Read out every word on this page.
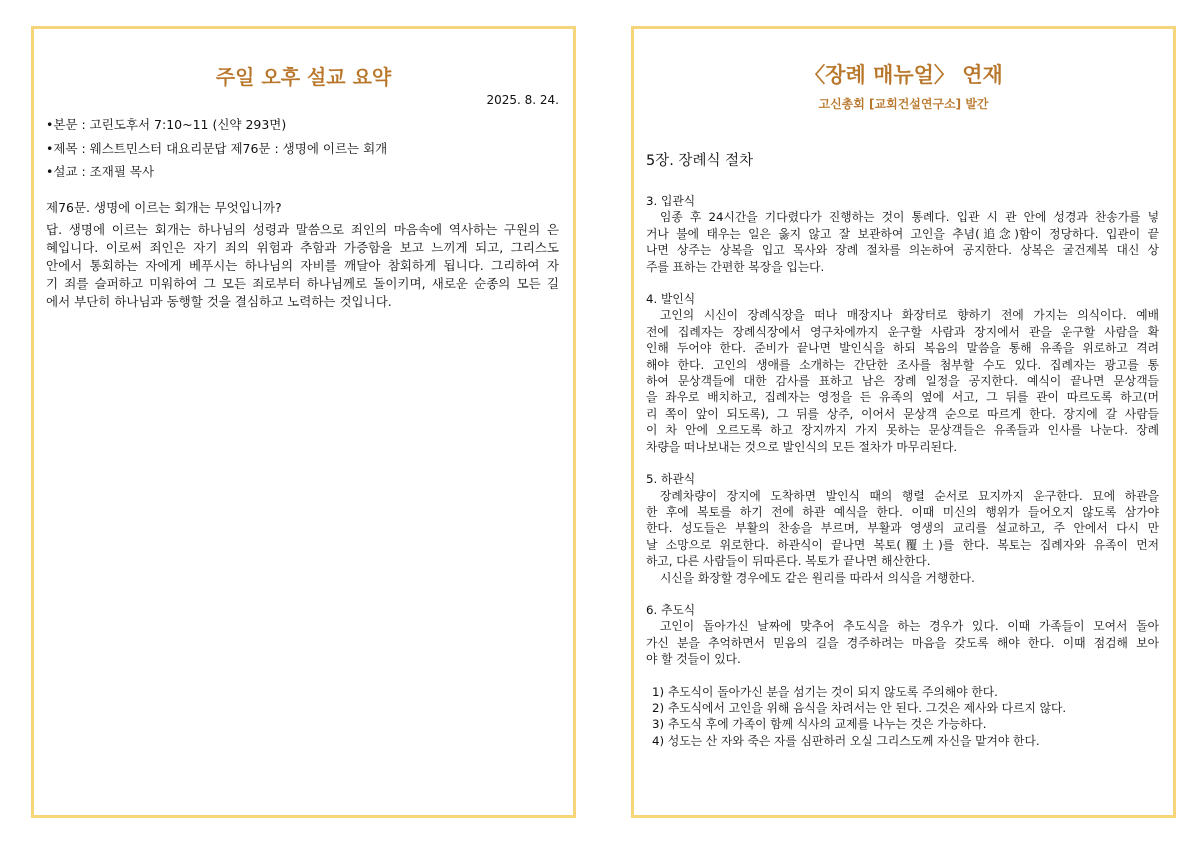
주일 오후 설교 요약
2025. 8. 24.
•본문 : 고린도후서 7:10~11 (신약 293면)
•제목 : 웨스트민스터 대요리문답 제76문 : 생명에 이르는 회개
•설교 : 조재필 목사
제76문. 생명에 이르는 회개는 무엇입니까?
답. 생명에 이르는 회개는 하나님의 성령과 말씀으로 죄인의 마음속에 역사하는 구원의 은
혜입니다. 이로써 죄인은 자기 죄의 위험과 추함과 가증함을 보고 느끼게 되고, 그리스도
안에서 통회하는 자에게 베푸시는 하나님의 자비를 깨달아 참회하게 됩니다. 그리하여 자
기 죄를 슬퍼하고 미워하여 그 모든 죄로부터 하나님께로 돌이키며, 새로운 순종의 모든 길
에서 부단히 하나님과 동행할 것을 결심하고 노력하는 것입니다.
〈장례 매뉴얼〉 연재
고신총회 [교회건설연구소] 발간
5장. 장례식 절차
3. 입관식
임종 후 24시간을 기다렸다가 진행하는 것이 통례다. 입관 시 관 안에 성경과 찬송가를 넣
거나 불에 태우는 일은 옳지 않고 잘 보관하여 고인을 추념(追念)함이 정당하다. 입관이 끝
나면 상주는 상복을 입고 목사와 장례 절차를 의논하여 공지한다. 상복은 굴건제복 대신 상
주를 표하는 간편한 복장을 입는다.
4. 발인식
고인의 시신이 장례식장을 떠나 매장지나 화장터로 향하기 전에 가지는 의식이다. 예배
전에 집례자는 장례식장에서 영구차에까지 운구할 사람과 장지에서 관을 운구할 사람을 확
인해 두어야 한다. 준비가 끝나면 발인식을 하되 복음의 말씀을 통해 유족을 위로하고 격려
해야 한다. 고인의 생애를 소개하는 간단한 조사를 첨부할 수도 있다. 집례자는 광고를 통
하여 문상객들에 대한 감사를 표하고 남은 장례 일정을 공지한다. 예식이 끝나면 문상객들
을 좌우로 배치하고, 집례자는 영정을 든 유족의 옆에 서고, 그 뒤를 관이 따르도록 하고(머
리 쪽이 앞이 되도록), 그 뒤를 상주, 이어서 문상객 순으로 따르게 한다. 장지에 갈 사람들
이 차 안에 오르도록 하고 장지까지 가지 못하는 문상객들은 유족들과 인사를 나눈다. 장례
차량을 떠나보내는 것으로 발인식의 모든 절차가 마무리된다.
5. 하관식
장례차량이 장지에 도착하면 발인식 때의 행렬 순서로 묘지까지 운구한다. 묘에 하관을
한 후에 복토를 하기 전에 하관 예식을 한다. 이때 미신의 행위가 들어오지 않도록 삼가야
한다. 성도들은 부활의 찬송을 부르며, 부활과 영생의 교리를 설교하고, 주 안에서 다시 만
날 소망으로 위로한다. 하관식이 끝나면 복토(覆土)를 한다. 복토는 집례자와 유족이 먼저
하고, 다른 사람들이 뒤따른다. 복토가 끝나면 해산한다.
시신을 화장할 경우에도 같은 원리를 따라서 의식을 거행한다.
6. 추도식
고인이 돌아가신 날짜에 맞추어 추도식을 하는 경우가 있다. 이때 가족들이 모여서 돌아
가신 분을 추억하면서 믿음의 길을 경주하려는 마음을 갖도록 해야 한다. 이때 점검해 보아
야 할 것들이 있다.
1) 추도식이 돌아가신 분을 섬기는 것이 되지 않도록 주의해야 한다.
2) 추도식에서 고인을 위해 음식을 차려서는 안 된다. 그것은 제사와 다르지 않다.
3) 추도식 후에 가족이 함께 식사의 교제를 나누는 것은 가능하다.
4) 성도는 산 자와 죽은 자를 심판하러 오실 그리스도께 자신을 맡겨야 한다.
